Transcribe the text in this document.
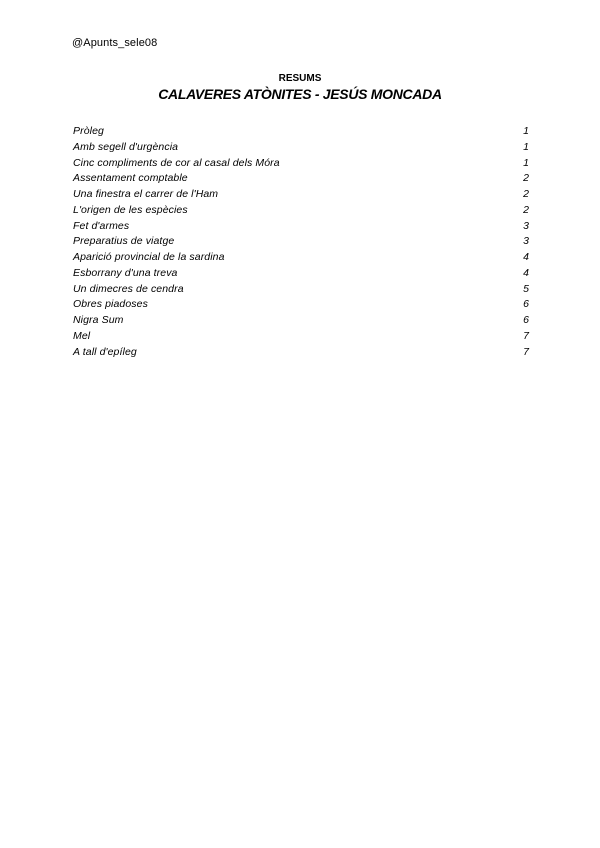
@Apunts_sele08
RESUMS
CALAVERES ATÒNITES - JESÚS MONCADA
Pròleg	1
Amb segell d'urgència	1
Cinc compliments de cor al casal dels Móra	1
Assentament comptable	2
Una finestra el carrer de l'Ham	2
L'origen de les espècies	2
Fet d'armes	3
Preparatius de viatge	3
Aparició provincial de la sardina	4
Esborrany d'una treva	4
Un dimecres de cendra	5
Obres piadoses	6
Nigra Sum	6
Mel	7
A tall d'epíleg	7
